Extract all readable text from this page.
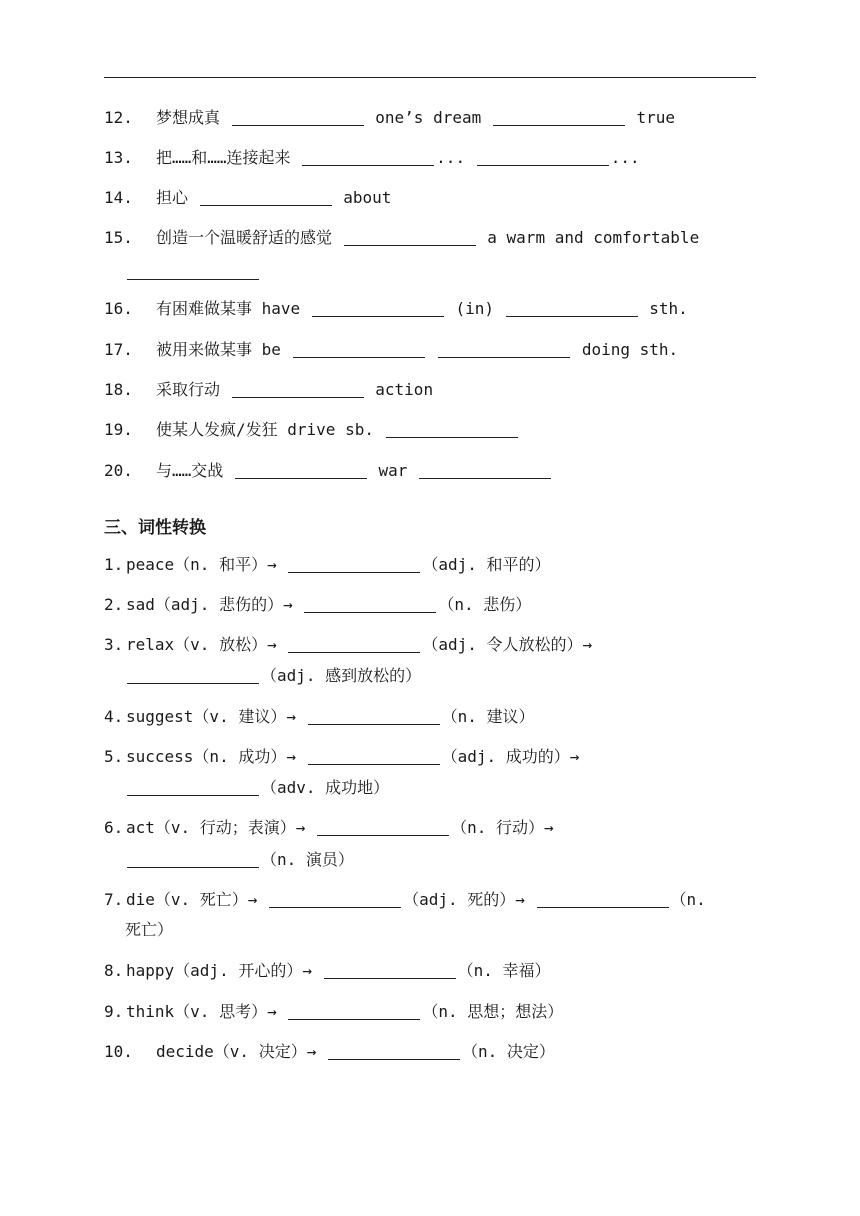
12. 梦想成真	one’s dream	true
13. 把……和……连接起来	...	...
14. 担心	about
15. 创造一个温暖舒适的感觉	a warm and comfortable
16. 有困难做某事 have	(in)	sth.
17. 被用来做某事 be	doing sth.
18. 采取行动	action
19. 使某人发疯/发狂 drive sb.
20. 与……交战	war
三、词性转换
1. peace（n. 和平）→	（adj. 和平的）
2. sad（adj. 悲伤的）→	（n. 悲伤）
3. relax（v. 放松）→	（adj. 令人放松的）→
（adj. 感到放松的）
4. suggest（v. 建议）→	（n. 建议）
5. success（n. 成功）→	（adj. 成功的）→
（adv. 成功地）
6. act（v. 行动；表演）→	（n. 行动）→
（n. 演员）
7. die（v. 死亡）→	（adj. 死的）→	（n.
死亡）
8. happy（adj. 开心的）→	（n. 幸福）
9. think（v. 思考）→	（n. 思想；想法）
10. decide（v. 决定）→	（n. 决定）
